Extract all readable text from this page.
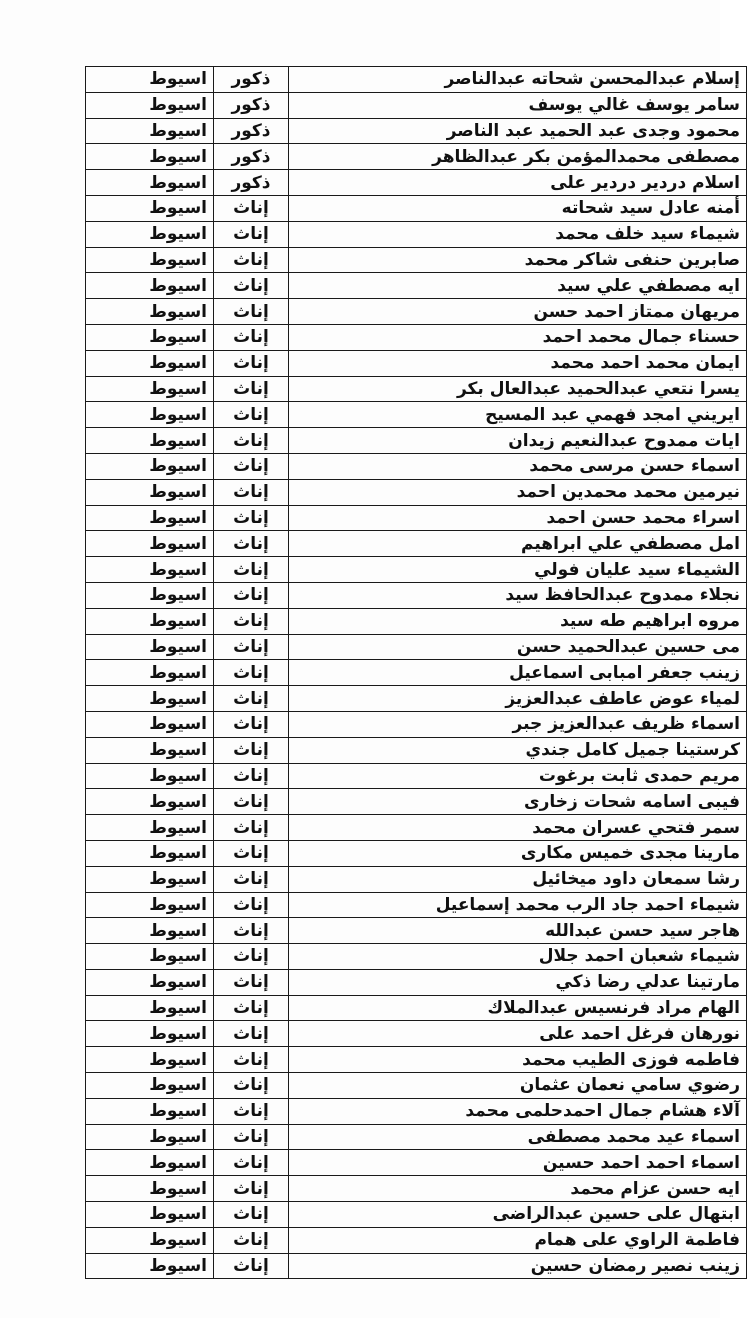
إسلام عبدالمحسن شحاته عبدالناصر	ذكور	اسيوط
سامر يوسف غالي يوسف	ذكور	اسيوط
محمود وجدى عبد الحميد عبد الناصر	ذكور	اسيوط
مصطفى محمدالمؤمن بكر عبدالظاهر	ذكور	اسيوط
اسلام دردير دردير على	ذكور	اسيوط
أمنه عادل سيد شحاته	إناث	اسيوط
شيماء سيد خلف محمد	إناث	اسيوط
صابرين حنفى شاكر محمد	إناث	اسيوط
ايه مصطفي علي سيد	إناث	اسيوط
مريهان ممتاز احمد حسن	إناث	اسيوط
حسناء جمال محمد احمد	إناث	اسيوط
ايمان محمد احمد محمد	إناث	اسيوط
يسرا نتعي عبدالحميد عبدالعال بكر	إناث	اسيوط
ايريني امجد فهمي عبد المسيح	إناث	اسيوط
ايات ممدوح عبدالنعيم زيدان	إناث	اسيوط
اسماء حسن مرسى محمد	إناث	اسيوط
نيرمين محمد محمدين احمد	إناث	اسيوط
اسراء محمد حسن احمد	إناث	اسيوط
امل مصطفي علي ابراهيم	إناث	اسيوط
الشيماء سيد عليان فولي	إناث	اسيوط
نجلاء ممدوح عبدالحافظ سيد	إناث	اسيوط
مروه ابراهيم طه سيد	إناث	اسيوط
مى حسين عبدالحميد حسن	إناث	اسيوط
زينب جعفر امبابى اسماعيل	إناث	اسيوط
لمياء عوض عاطف عبدالعزيز	إناث	اسيوط
اسماء ظريف عبدالعزيز جبر	إناث	اسيوط
كرستينا جميل كامل جندي	إناث	اسيوط
مريم حمدى ثابت برغوت	إناث	اسيوط
فيبى اسامه شحات زخارى	إناث	اسيوط
سمر فتحي عسران محمد	إناث	اسيوط
مارينا مجدى خميس مكارى	إناث	اسيوط
رشا سمعان داود ميخائيل	إناث	اسيوط
شيماء احمد جاد الرب محمد إسماعيل	إناث	اسيوط
هاجر سيد حسن عبدالله	إناث	اسيوط
شيماء شعبان احمد جلال	إناث	اسيوط
مارتينا عدلي رضا ذكي	إناث	اسيوط
الهام مراد فرنسيس عبدالملاك	إناث	اسيوط
نورهان فرغل احمد على	إناث	اسيوط
فاطمه فوزى الطيب محمد	إناث	اسيوط
رضوي سامي نعمان عثمان	إناث	اسيوط
آلاء هشام جمال احمدحلمى محمد	إناث	اسيوط
اسماء عيد محمد مصطفى	إناث	اسيوط
اسماء احمد احمد حسين	إناث	اسيوط
ايه حسن عزام محمد	إناث	اسيوط
ابتهال على حسين عبدالراضى	إناث	اسيوط
فاطمة الراوي على همام	إناث	اسيوط
زينب نصير رمضان حسين	إناث	اسيوط
